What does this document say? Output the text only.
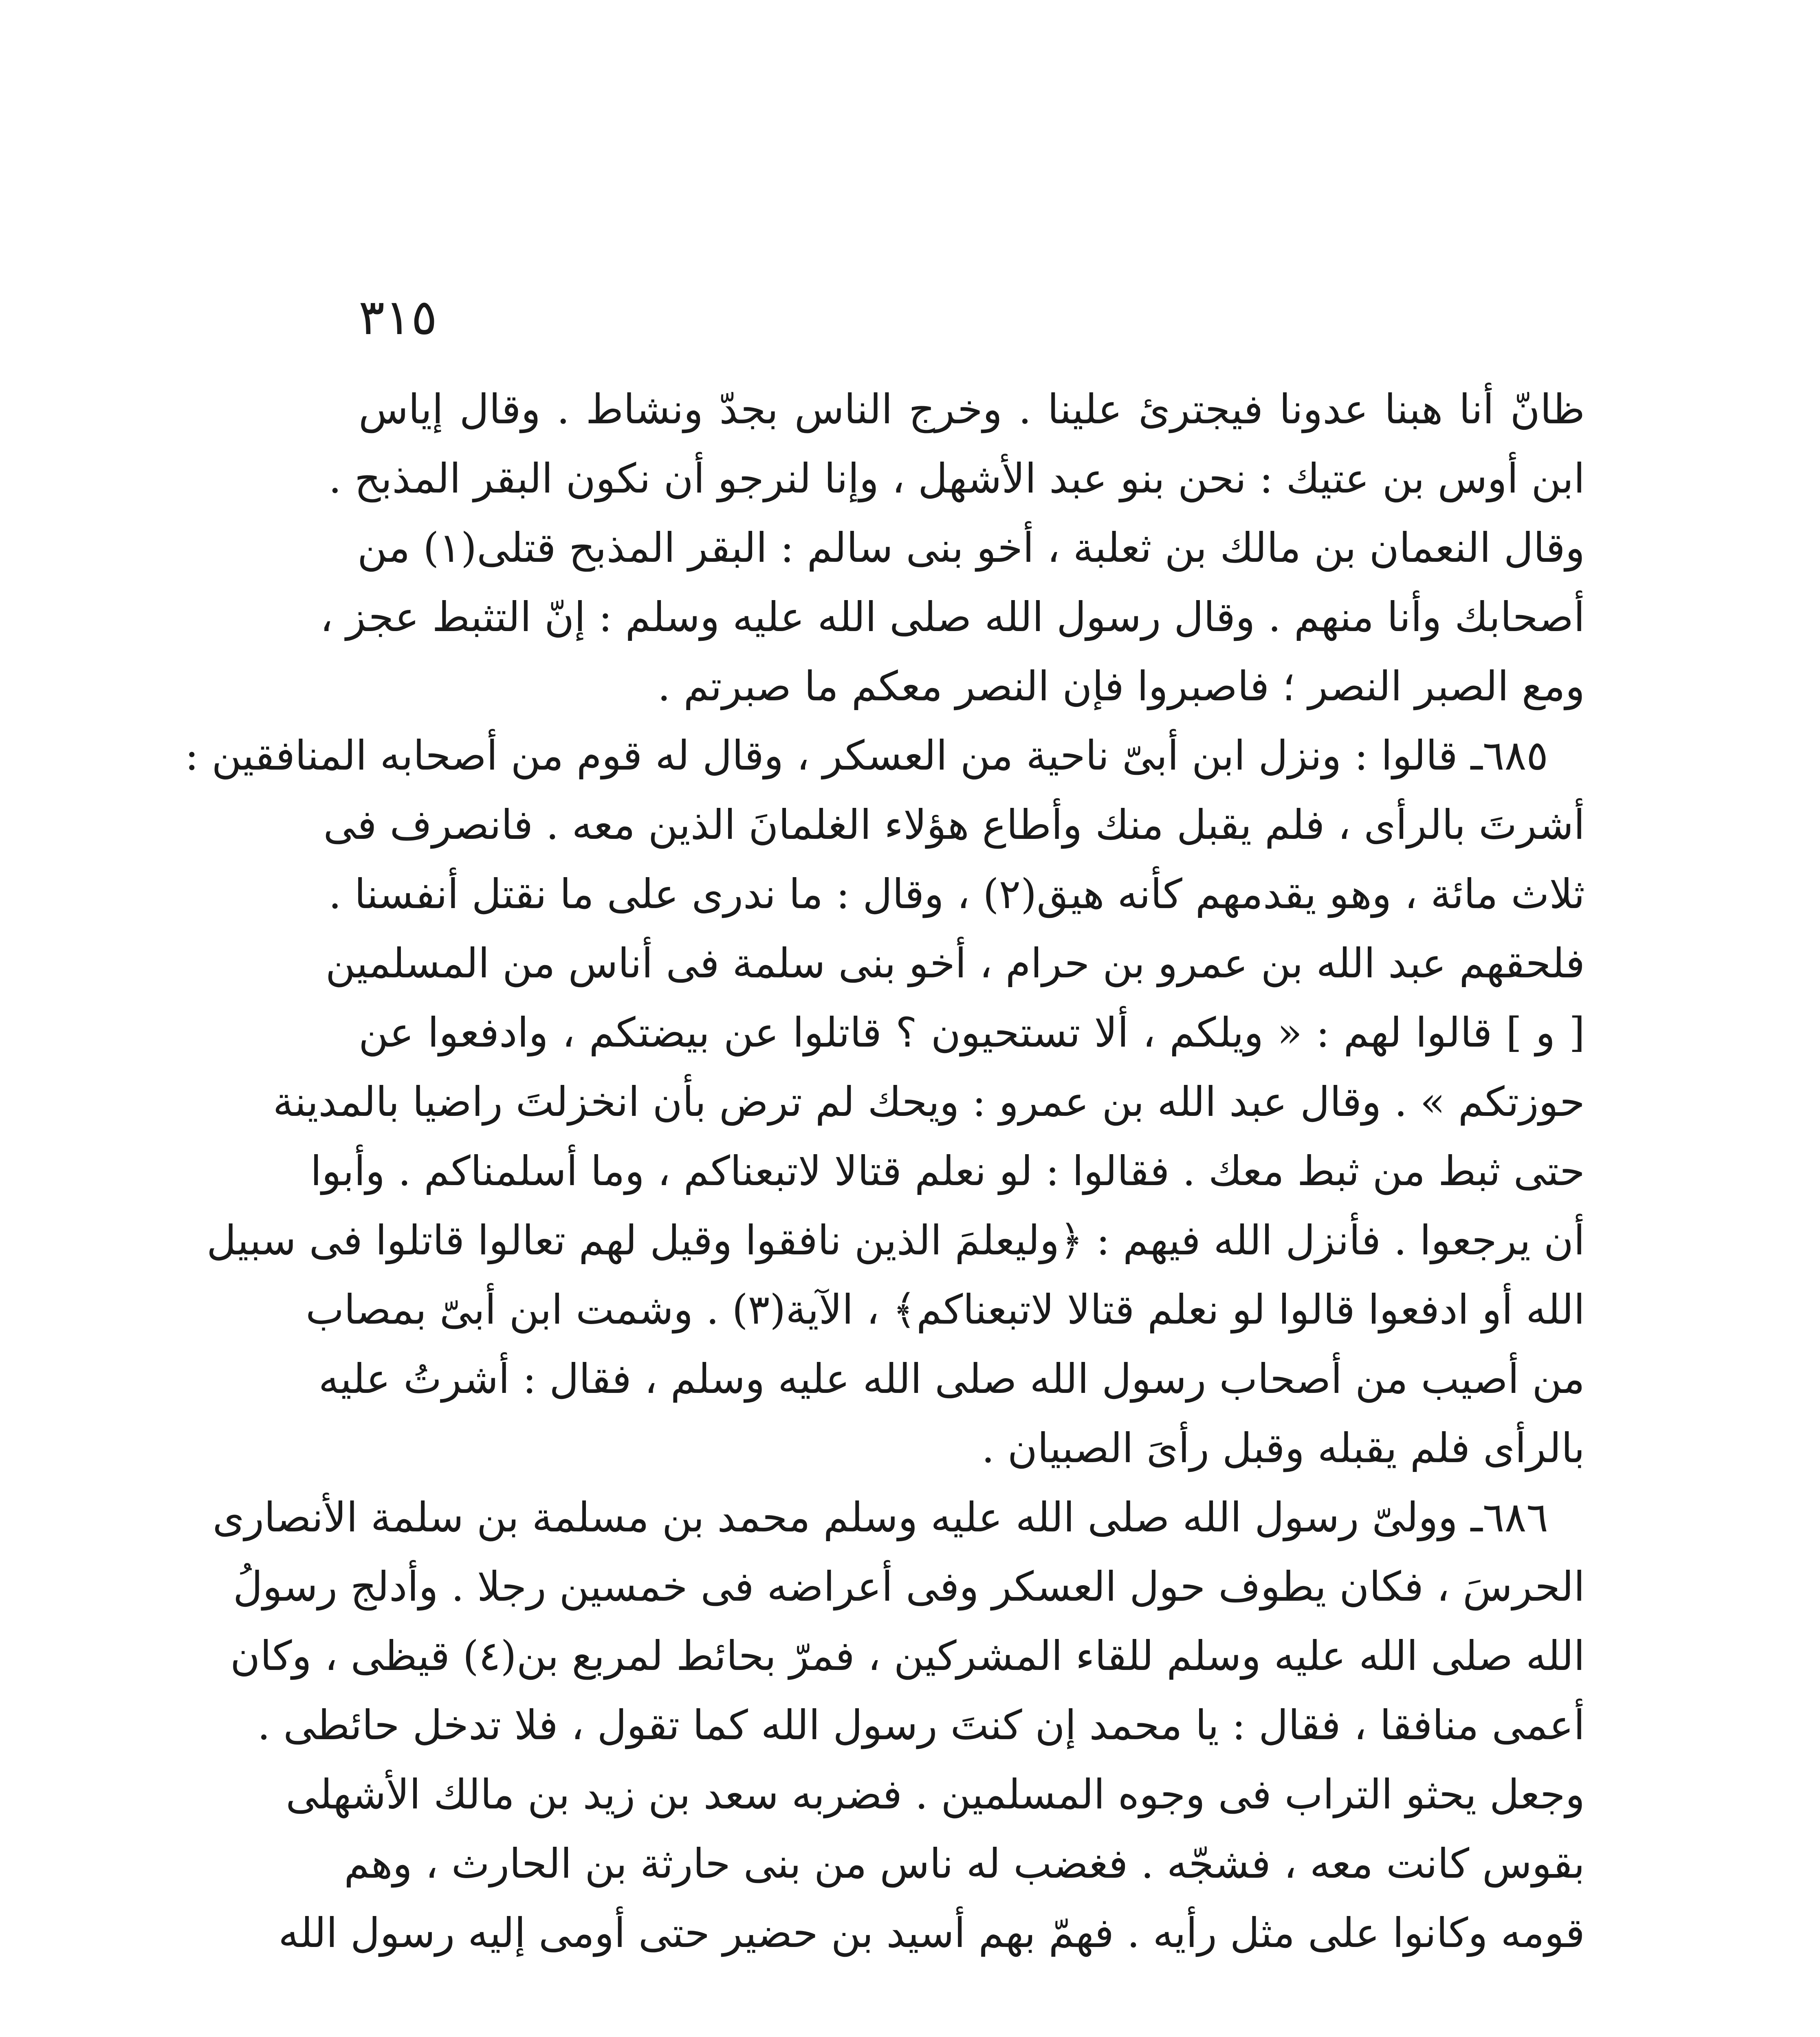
٣١٥
ظانّ أنا هبنا عدونا فيجترئ علينا . وخرج الناس بجدّ ونشاط . وقال إياس
ابن أوس بن عتيك : نحن بنو عبد الأشهل ، وإنا لنرجو أن نكون البقر المذبح .
وقال النعمان بن مالك بن ثعلبة ، أخو بنى سالم : البقر المذبح قتلى(١) من
أصحابك وأنا منهم . وقال رسول الله صلى الله عليه وسلم : إنّ التثبط عجز ،
ومع الصبر النصر ؛ فاصبروا فإن النصر معكم ما صبرتم .
٦٨٥ـ قالوا : ونزل ابن أبىّ ناحية من العسكر ، وقال له قوم من أصحابه المنافقين :
أشرتَ بالرأى ، فلم يقبل منك وأطاع هؤلاء الغلمانَ الذين معه . فانصرف فى
ثلاث مائة ، وهو يقدمهم كأنه هيق(٢) ، وقال : ما ندرى على ما نقتل أنفسنا .
فلحقهم عبد الله بن عمرو بن حرام ، أخو بنى سلمة فى أناس من المسلمين
[ و ] قالوا لهم : « ويلكم ، ألا تستحيون ؟ قاتلوا عن بيضتكم ، وادفعوا عن
حوزتكم » . وقال عبد الله بن عمرو : ويحك لم ترض بأن انخزلتَ راضيا بالمدينة
حتى ثبط من ثبط معك . فقالوا : لو نعلم قتالا لاتبعناكم ، وما أسلمناكم . وأبوا
أن يرجعوا . فأنزل الله فيهم : ﴿وليعلمَ الذين نافقوا وقيل لهم تعالوا قاتلوا فى سبيل
الله أو ادفعوا قالوا لو نعلم قتالا لاتبعناكم﴾ ، الآية(٣) . وشمت ابن أبىّ بمصاب
من أصيب من أصحاب رسول الله صلى الله عليه وسلم ، فقال : أشرتُ عليه
بالرأى فلم يقبله وقبل رأىَ الصبيان .
٦٨٦ـ وولىّ رسول الله صلى الله عليه وسلم محمد بن مسلمة بن سلمة الأنصارى
الحرسَ ، فكان يطوف حول العسكر وفى أعراضه فى خمسين رجلا . وأدلج رسولُ
الله صلى الله عليه وسلم للقاء المشركين ، فمرّ بحائط لمربع بن(٤) قيظى ، وكان
أعمى منافقا ، فقال : يا محمد إن كنتَ رسول الله كما تقول ، فلا تدخل حائطى .
وجعل يحثو التراب فى وجوه المسلمين . فضربه سعد بن زيد بن مالك الأشهلى
بقوس كانت معه ، فشجّه . فغضب له ناس من بنى حارثة بن الحارث ، وهم
قومه وكانوا على مثل رأيه . فهمّ بهم أسيد بن حضير حتى أومى إليه رسول الله
